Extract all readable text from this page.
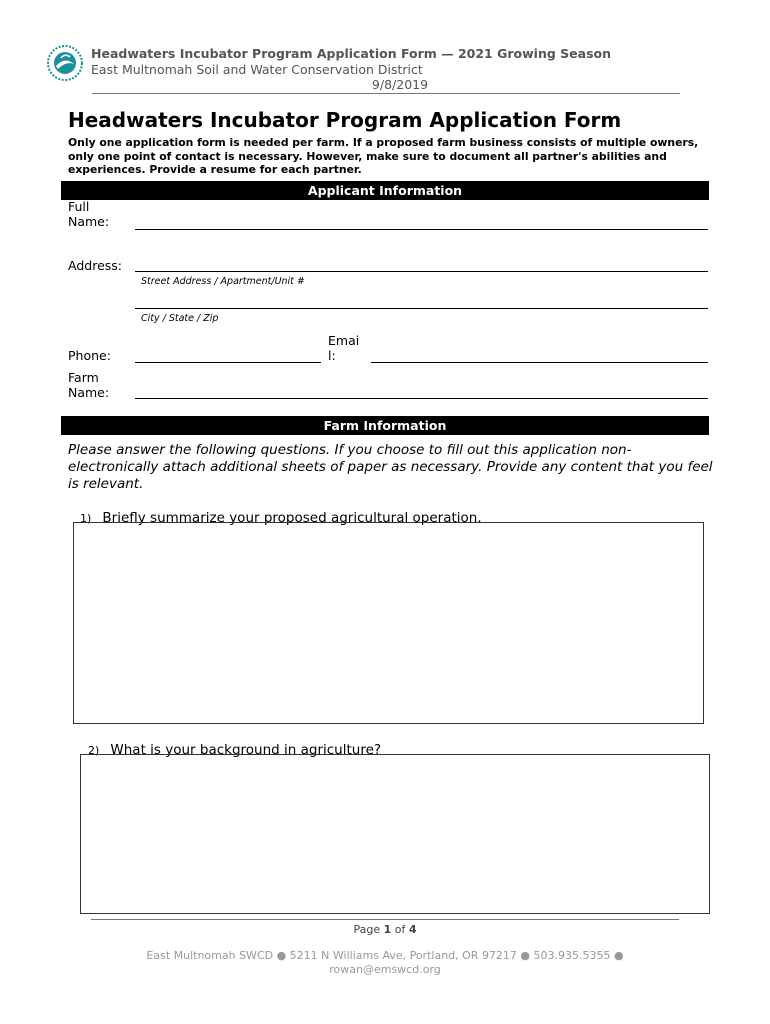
Headwaters Incubator Program Application Form — 2021 Growing Season
East Multnomah Soil and Water Conservation District
9/8/2019
Headwaters Incubator Program Application Form
Only one application form is needed per farm. If a proposed farm business consists of multiple owners, only one point of contact is necessary. However, make sure to document all partner's abilities and experiences. Provide a resume for each partner.
Applicant Information
Full
Name:
Address:
Street Address / Apartment/Unit #
City / State / Zip
Phone:
Emai
l:
Farm
Name:
Farm Information
Please answer the following questions. If you choose to fill out this application non-electronically attach additional sheets of paper as necessary. Provide any content that you feel is relevant.
1) Briefly summarize your proposed agricultural operation.
2) What is your background in agriculture?
Page 1 of 4
East Multnomah SWCD ● 5211 N Williams Ave, Portland, OR 97217 ● 503.935.5355 ●
rowan@emswcd.org
